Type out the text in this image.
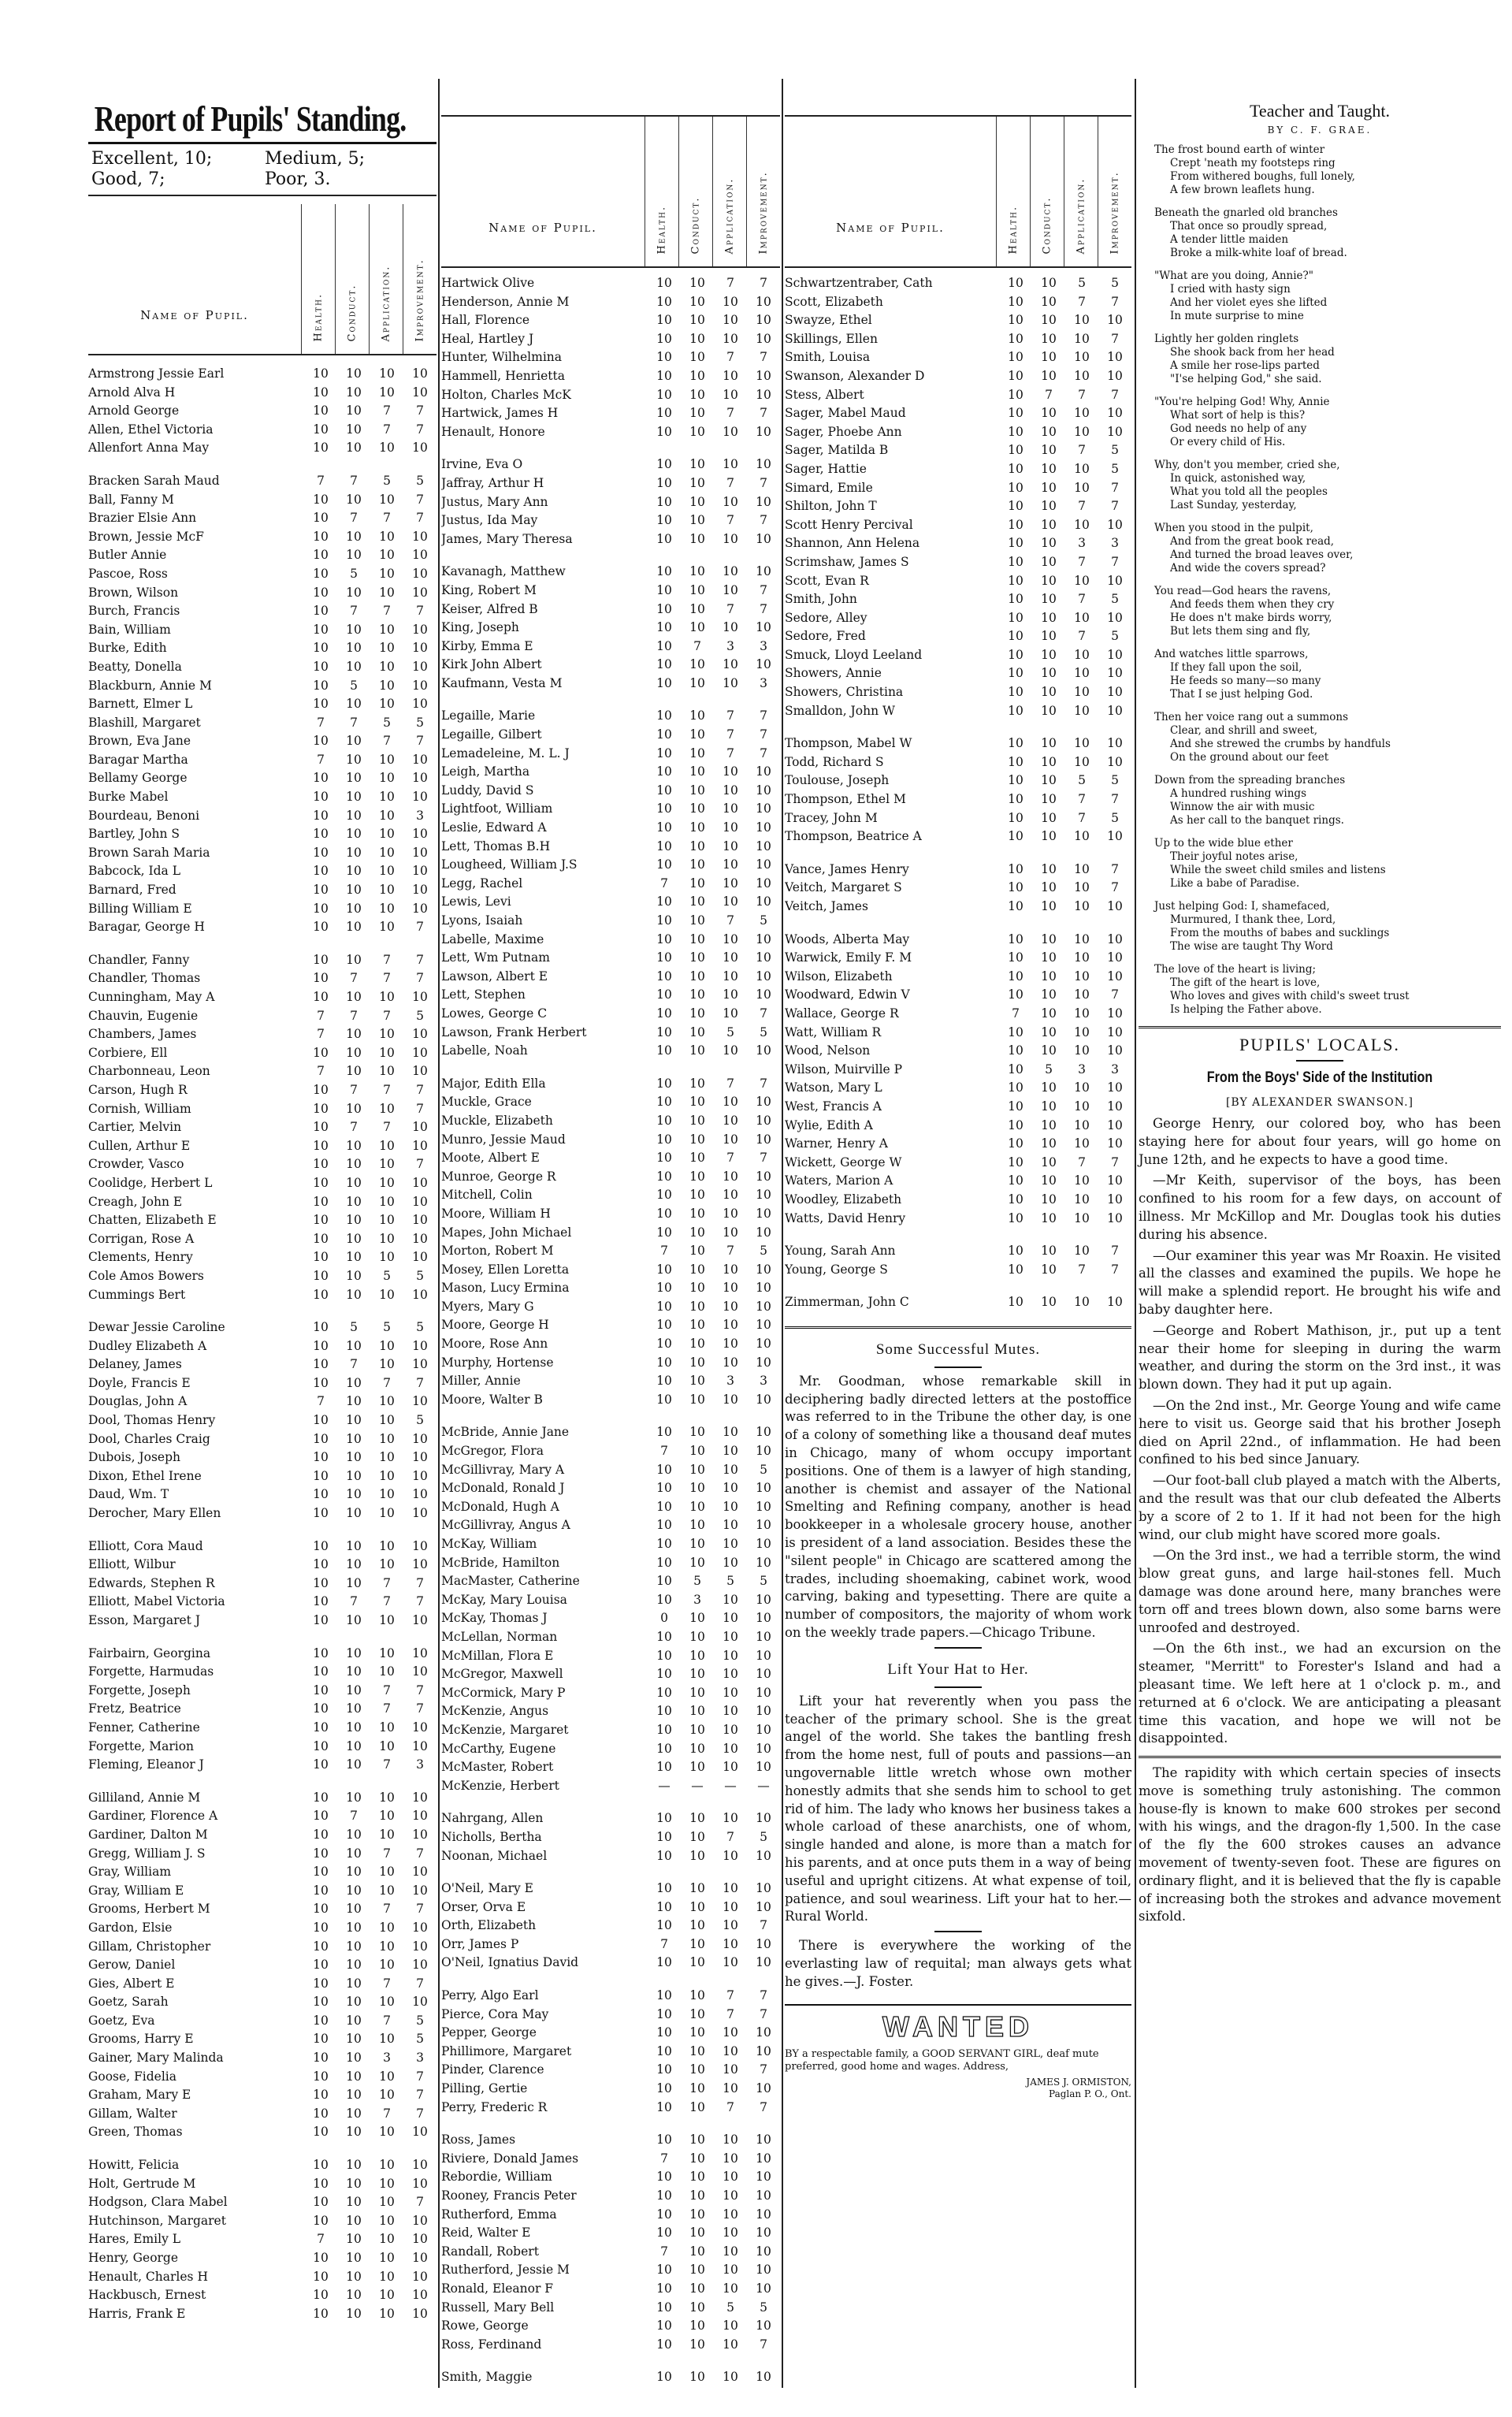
Report of Pupils' Standing.
Excellent, 10;	Medium, 5;
Good, 7;	Poor, 3.
Name of Pupil.	Health. Conduct. Application. Improvement.
Armstrong Jessie Earl	10	10	10	10
Arnold Alva H	10	10	10	10
Arnold George	10	10	7	7
Allen, Ethel Victoria	10	10	7	7
Allenfort Anna May	10	10	10	10
Bracken Sarah Maud	7	7	5	5
Ball, Fanny M	10	10	10	7
Brazier Elsie Ann	10	7	7	7
Brown, Jessie McF	10	10	10	10
Butler Annie	10	10	10	10
Pascoe, Ross	10	5	10	10
Brown, Wilson	10	10	10	10
Burch, Francis	10	7	7	7
Bain, William	10	10	10	10
Burke, Edith	10	10	10	10
Beatty, Donella	10	10	10	10
Blackburn, Annie M	10	5	10	10
Barnett, Elmer L	10	10	10	10
Blashill, Margaret	7	7	5	5
Brown, Eva Jane	10	10	7	7
Baragar Martha	7	10	10	10
Bellamy George	10	10	10	10
Burke Mabel	10	10	10	10
Bourdeau, Benoni	10	10	10	3
Bartley, John S	10	10	10	10
Brown Sarah Maria	10	10	10	10
Babcock, Ida L	10	10	10	10
Barnard, Fred	10	10	10	10
Billing William E	10	10	10	10
Baragar, George H	10	10	10	7
Chandler, Fanny	10	10	7	7
Chandler, Thomas	10	7	7	7
Cunningham, May A	10	10	10	10
Chauvin, Eugenie	7	7	7	5
Chambers, James	7	10	10	10
Corbiere, Ell	10	10	10	10
Charbonneau, Leon	7	10	10	10
Carson, Hugh R	10	7	7	7
Cornish, William	10	10	10	7
Cartier, Melvin	10	7	7	10
Cullen, Arthur E	10	10	10	10
Crowder, Vasco	10	10	10	7
Coolidge, Herbert L	10	10	10	10
Creagh, John E	10	10	10	10
Chatten, Elizabeth E	10	10	10	10
Corrigan, Rose A	10	10	10	10
Clements, Henry	10	10	10	10
Cole Amos Bowers	10	10	5	5
Cummings Bert	10	10	10	10
Dewar Jessie Caroline	10	5	5	5
Dudley Elizabeth A	10	10	10	10
Delaney, James	10	7	10	10
Doyle, Francis E	10	10	7	7
Douglas, John A	7	10	10	10
Dool, Thomas Henry	10	10	10	5
Dool, Charles Craig	10	10	10	10
Dubois, Joseph	10	10	10	10
Dixon, Ethel Irene	10	10	10	10
Daud, Wm. T	10	10	10	10
Derocher, Mary Ellen	10	10	10	10
Elliott, Cora Maud	10	10	10	10
Elliott, Wilbur	10	10	10	10
Edwards, Stephen R	10	10	7	7
Elliott, Mabel Victoria	10	7	7	7
Esson, Margaret J	10	10	10	10
Fairbairn, Georgina	10	10	10	10
Forgette, Harmudas	10	10	10	10
Forgette, Joseph	10	10	7	7
Fretz, Beatrice	10	10	7	7
Fenner, Catherine	10	10	10	10
Forgette, Marion	10	10	10	10
Fleming, Eleanor J	10	10	7	3
Gilliland, Annie M	10	10	10	10
Gardiner, Florence A	10	7	10	10
Gardiner, Dalton M	10	10	10	10
Gregg, William J. S	10	10	7	7
Gray, William	10	10	10	10
Gray, William E	10	10	10	10
Grooms, Herbert M	10	10	7	7
Gardon, Elsie	10	10	10	10
Gillam, Christopher	10	10	10	10
Gerow, Daniel	10	10	10	10
Gies, Albert E	10	10	7	7
Goetz, Sarah	10	10	10	10
Goetz, Eva	10	10	7	5
Grooms, Harry E	10	10	10	5
Gainer, Mary Malinda	10	10	3	3
Goose, Fidelia	10	10	10	7
Graham, Mary E	10	10	10	7
Gillam, Walter	10	10	7	7
Green, Thomas	10	10	10	10
Howitt, Felicia	10	10	10	10
Holt, Gertrude M	10	10	10	10
Hodgson, Clara Mabel	10	10	10	7
Hutchinson, Margaret	10	10	10	10
Hares, Emily L	7	10	10	10
Henry, George	10	10	10	10
Henault, Charles H	10	10	10	10
Hackbusch, Ernest	10	10	10	10
Harris, Frank E	10	10	10	10
Name of Pupil.	Health. Conduct. Application. Improvement.
Hartwick Olive	10	10	7	7
Henderson, Annie M	10	10	10	10
Hall, Florence	10	10	10	10
Heal, Hartley J	10	10	10	10
Hunter, Wilhelmina	10	10	7	7
Hammell, Henrietta	10	10	10	10
Holton, Charles McK	10	10	10	10
Hartwick, James H	10	10	7	7
Henault, Honore	10	10	10	10
Irvine, Eva O	10	10	10	10
Jaffray, Arthur H	10	10	7	7
Justus, Mary Ann	10	10	10	10
Justus, Ida May	10	10	7	7
James, Mary Theresa	10	10	10	10
Kavanagh, Matthew	10	10	10	10
King, Robert M	10	10	10	7
Keiser, Alfred B	10	10	7	7
King, Joseph	10	10	10	10
Kirby, Emma E	10	7	3	3
Kirk John Albert	10	10	10	10
Kaufmann, Vesta M	10	10	10	3
Legaille, Marie	10	10	7	7
Legaille, Gilbert	10	10	7	7
Lemadeleine, M. L. J	10	10	7	7
Leigh, Martha	10	10	10	10
Luddy, David S	10	10	10	10
Lightfoot, William	10	10	10	10
Leslie, Edward A	10	10	10	10
Lett, Thomas B.H	10	10	10	10
Lougheed, William J.S	10	10	10	10
Legg, Rachel	7	10	10	10
Lewis, Levi	10	10	10	10
Lyons, Isaiah	10	10	7	5
Labelle, Maxime	10	10	10	10
Lett, Wm Putnam	10	10	10	10
Lawson, Albert E	10	10	10	10
Lett, Stephen	10	10	10	10
Lowes, George C	10	10	10	7
Lawson, Frank Herbert	10	10	5	5
Labelle, Noah	10	10	10	10
Major, Edith Ella	10	10	7	7
Muckle, Grace	10	10	10	10
Muckle, Elizabeth	10	10	10	10
Munro, Jessie Maud	10	10	10	10
Moote, Albert E	10	10	7	7
Munroe, George R	10	10	10	10
Mitchell, Colin	10	10	10	10
Moore, William H	10	10	10	10
Mapes, John Michael	10	10	10	10
Morton, Robert M	7	10	7	5
Mosey, Ellen Loretta	10	10	10	10
Mason, Lucy Ermina	10	10	10	10
Myers, Mary G	10	10	10	10
Moore, George H	10	10	10	10
Moore, Rose Ann	10	10	10	10
Murphy, Hortense	10	10	10	10
Miller, Annie	10	10	3	3
Moore, Walter B	10	10	10	10
McBride, Annie Jane	10	10	10	10
McGregor, Flora	7	10	10	10
McGillivray, Mary A	10	10	10	5
McDonald, Ronald J	10	10	10	10
McDonald, Hugh A	10	10	10	10
McGillivray, Angus A	10	10	10	10
McKay, William	10	10	10	10
McBride, Hamilton	10	10	10	10
MacMaster, Catherine	10	5	5	5
McKay, Mary Louisa	10	3	10	10
McKay, Thomas J	0	10	10	10
McLellan, Norman	10	10	10	10
McMillan, Flora E	10	10	10	10
McGregor, Maxwell	10	10	10	10
McCormick, Mary P	10	10	10	10
McKenzie, Angus	10	10	10	10
McKenzie, Margaret	10	10	10	10
McCarthy, Eugene	10	10	10	10
McMaster, Robert	10	10	10	10
McKenzie, Herbert	—	—	—	—
Nahrgang, Allen	10	10	10	10
Nicholls, Bertha	10	10	7	5
Noonan, Michael	10	10	10	10
O'Neil, Mary E	10	10	10	10
Orser, Orva E	10	10	10	10
Orth, Elizabeth	10	10	10	7
Orr, James P	7	10	10	10
O'Neil, Ignatius David	10	10	10	10
Perry, Algo Earl	10	10	7	7
Pierce, Cora May	10	10	7	7
Pepper, George	10	10	10	10
Phillimore, Margaret	10	10	10	10
Pinder, Clarence	10	10	10	7
Pilling, Gertie	10	10	10	10
Perry, Frederic R	10	10	7	7
Ross, James	10	10	10	10
Riviere, Donald James	7	10	10	10
Rebordie, William	10	10	10	10
Rooney, Francis Peter	10	10	10	10
Rutherford, Emma	10	10	10	10
Reid, Walter E	10	10	10	10
Randall, Robert	7	10	10	10
Rutherford, Jessie M	10	10	10	10
Ronald, Eleanor F	10	10	10	10
Russell, Mary Bell	10	10	5	5
Rowe, George	10	10	10	10
Ross, Ferdinand	10	10	10	7
Smith, Maggie	10	10	10	10
Name of Pupil.	Health. Conduct. Application. Improvement.
Schwartzentraber, Cath	10	10	5	5
Scott, Elizabeth	10	10	7	7
Swayze, Ethel	10	10	10	10
Skillings, Ellen	10	10	10	7
Smith, Louisa	10	10	10	10
Swanson, Alexander D	10	10	10	10
Stess, Albert	10	7	7	7
Sager, Mabel Maud	10	10	10	10
Sager, Phoebe Ann	10	10	10	10
Sager, Matilda B	10	10	7	5
Sager, Hattie	10	10	10	5
Simard, Emile	10	10	10	7
Shilton, John T	10	10	7	7
Scott Henry Percival	10	10	10	10
Shannon, Ann Helena	10	10	3	3
Scrimshaw, James S	10	10	7	7
Scott, Evan R	10	10	10	10
Smith, John	10	10	7	5
Sedore, Alley	10	10	10	10
Sedore, Fred	10	10	7	5
Smuck, Lloyd Leeland	10	10	10	10
Showers, Annie	10	10	10	10
Showers, Christina	10	10	10	10
Smalldon, John W	10	10	10	10
Thompson, Mabel W	10	10	10	10
Todd, Richard S	10	10	10	10
Toulouse, Joseph	10	10	5	5
Thompson, Ethel M	10	10	7	7
Tracey, John M	10	10	7	5
Thompson, Beatrice A	10	10	10	10
Vance, James Henry	10	10	10	7
Veitch, Margaret S	10	10	10	7
Veitch, James	10	10	10	10
Woods, Alberta May	10	10	10	10
Warwick, Emily F. M	10	10	10	10
Wilson, Elizabeth	10	10	10	10
Woodward, Edwin V	10	10	10	7
Wallace, George R	7	10	10	10
Watt, William R	10	10	10	10
Wood, Nelson	10	10	10	10
Wilson, Muirville P	10	5	3	3
Watson, Mary L	10	10	10	10
West, Francis A	10	10	10	10
Wylie, Edith A	10	10	10	10
Warner, Henry A	10	10	10	10
Wickett, George W	10	10	7	7
Waters, Marion A	10	10	10	10
Woodley, Elizabeth	10	10	10	10
Watts, David Henry	10	10	10	10
Young, Sarah Ann	10	10	10	7
Young, George S	10	10	7	7
Zimmerman, John C	10	10	10	10
Some Successful Mutes.

Mr. Goodman, whose remarkable skill in deciphering badly directed letters at the postoffice was referred to in the Tribune the other day, is one of a colony of something like a thousand deaf mutes in Chicago, many of whom occupy important positions. One of them is a lawyer of high standing, another is chemist and assayer of the National Smelting and Refining company, another is head bookkeeper in a wholesale grocery house, another is president of a land association. Besides these the "silent people" in Chicago are scattered among the trades, including shoemaking, cabinet work, wood carving, baking and typesetting. There are quite a number of compositors, the majority of whom work on the weekly trade papers.—Chicago Tribune.

Lift Your Hat to Her.

Lift your hat reverently when you pass the teacher of the primary school. She is the great angel of the world. She takes the bantling fresh from the home nest, full of pouts and passions—an ungovernable little wretch whose own mother honestly admits that she sends him to school to get rid of him. The lady who knows her business takes a whole carload of these anarchists, one of whom, single handed and alone, is more than a match for his parents, and at once puts them in a way of being useful and upright citizens. At what expense of toil, patience, and soul weariness. Lift your hat to her.—Rural World.

There is everywhere the working of the everlasting law of requital; man always gets what he gives.—J. Foster.

WANTED
BY a respectable family, a GOOD SERVANT GIRL, deaf mute preferred, good home and wages. Address,
JAMES J. ORMISTON,
Paglan P. O., Ont.
Teacher and Taught.
BY C. F. GRAE.
The frost bound earth of winter
Crept 'neath my footsteps ring
From withered boughs, full lonely,
A few brown leaflets hung.
Beneath the gnarled old branches
That once so proudly spread,
A tender little maiden
Broke a milk-white loaf of bread.
"What are you doing, Annie?"
I cried with hasty sign
And her violet eyes she lifted
In mute surprise to mine
Lightly her golden ringlets
She shook back from her head
A smile her rose-lips parted
"I'se helping God," she said.
"You're helping God! Why, Annie
What sort of help is this?
God needs no help of any
Or every child of His.
Why, don't you member, cried she,
In quick, astonished way,
What you told all the peoples
Last Sunday, yesterday,
When you stood in the pulpit,
And from the great book read,
And turned the broad leaves over,
And wide the covers spread?
You read—God hears the ravens,
And feeds them when they cry
He does n't make birds worry,
But lets them sing and fly,
And watches little sparrows,
If they fall upon the soil,
He feeds so many—so many
That I se just helping God.
Then her voice rang out a summons
Clear, and shrill and sweet,
And she strewed the crumbs by handfuls
On the ground about our feet
Down from the spreading branches
A hundred rushing wings
Winnow the air with music
As her call to the banquet rings.
Up to the wide blue ether
Their joyful notes arise,
While the sweet child smiles and listens
Like a babe of Paradise.
Just helping God: I, shamefaced,
Murmured, I thank thee, Lord,
From the mouths of babes and sucklings
The wise are taught Thy Word
The love of the heart is living;
The gift of the heart is love,
Who loves and gives with child's sweet trust
Is helping the Father above.
PUPILS' LOCALS.
From the Boys' Side of the Institution
[BY ALEXANDER SWANSON.]

George Henry, our colored boy, who has been staying here for about four years, will go home on June 12th, and he expects to have a good time.

—Mr Keith, supervisor of the boys, has been confined to his room for a few days, on account of illness. Mr McKillop and Mr. Douglas took his duties during his absence.

—Our examiner this year was Mr Roaxin. He visited all the classes and examined the pupils. We hope he will make a splendid report. He brought his wife and baby daughter here.

—George and Robert Mathison, jr., put up a tent near their home for sleeping in during the warm weather, and during the storm on the 3rd inst., it was blown down. They had it put up again.

—On the 2nd inst., Mr. George Young and wife came here to visit us. George said that his brother Joseph died on April 22nd., of inflammation. He had been confined to his bed since January.

—Our foot-ball club played a match with the Alberts, and the result was that our club defeated the Alberts by a score of 2 to 1. If it had not been for the high wind, our club might have scored more goals.

—On the 3rd inst., we had a terrible storm, the wind blow great guns, and large hail-stones fell. Much damage was done around here, many branches were torn off and trees blown down, also some barns were unroofed and destroyed.

—On the 6th inst., we had an excursion on the steamer, "Merritt" to Forester's Island and had a pleasant time. We left here at 1 o'clock p. m., and returned at 6 o'clock. We are anticipating a pleasant time this vacation, and hope we will not be disappointed.

The rapidity with which certain species of insects move is something truly astonishing. The common house-fly is known to make 600 strokes per second with his wings, and the dragon-fly 1,500. In the case of the fly the 600 strokes causes an advance movement of twenty-seven foot. These are figures on ordinary flight, and it is believed that the fly is capable of increasing both the strokes and advance movement sixfold.
